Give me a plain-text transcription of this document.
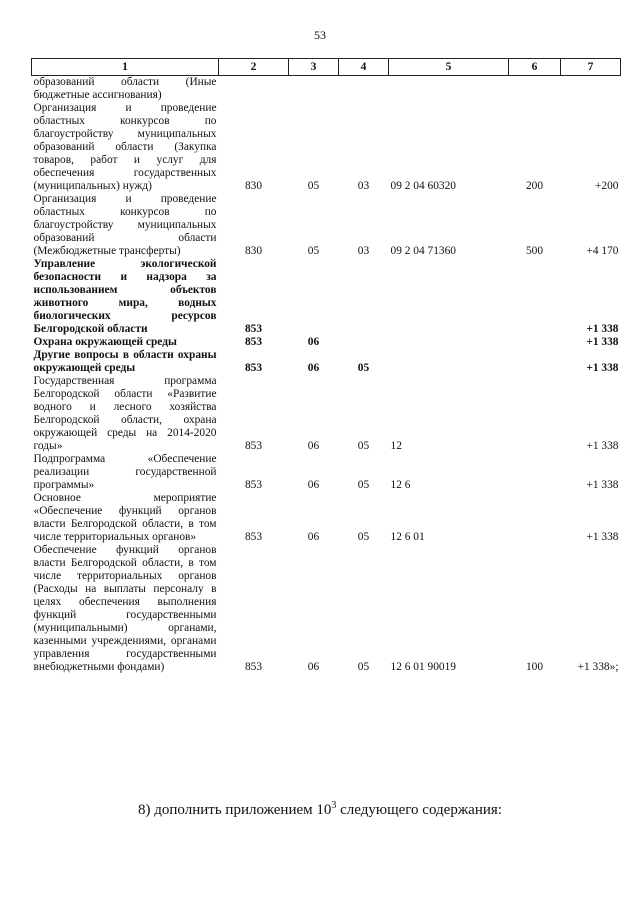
53
1	2	3	4	5	6	7
образований области (Иные бюджетные ассигнования)						
Организация и проведение областных конкурсов по благоустройству муниципальных образований области (Закупка товаров, работ и услуг для обеспечения государственных (муниципальных) нужд)	830	05	03	09 2 04 60320	200	+200
Организация и проведение областных конкурсов по благоустройству муниципальных образований области (Межбюджетные трансферты)	830	05	03	09 2 04 71360	500	+4 170
Управление экологической безопасности и надзора за использованием объектов животного мира, водных биологических ресурсов Белгородской области	853					+1 338
Охрана окружающей среды	853	06				+1 338
Другие вопросы в области охраны окружающей среды	853	06	05			+1 338
Государственная программа Белгородской области «Развитие водного и лесного хозяйства Белгородской области, охрана окружающей среды на 2014-2020 годы»	853	06	05	12		+1 338
Подпрограмма «Обеспечение реализации государственной программы»	853	06	05	12 6		+1 338
Основное мероприятие «Обеспечение функций органов власти Белгородской области, в том числе территориальных органов»	853	06	05	12 6 01		+1 338
Обеспечение функций органов власти Белгородской области, в том числе территориальных органов (Расходы на выплаты персоналу в целях обеспечения выполнения функций государственными (муниципальными) органами, казенными учреждениями, органами управления государственными внебюджетными фондами)	853	06	05	12 6 01 90019	100	+1 338»;
8) дополнить приложением $10^3$ следующего содержания:
